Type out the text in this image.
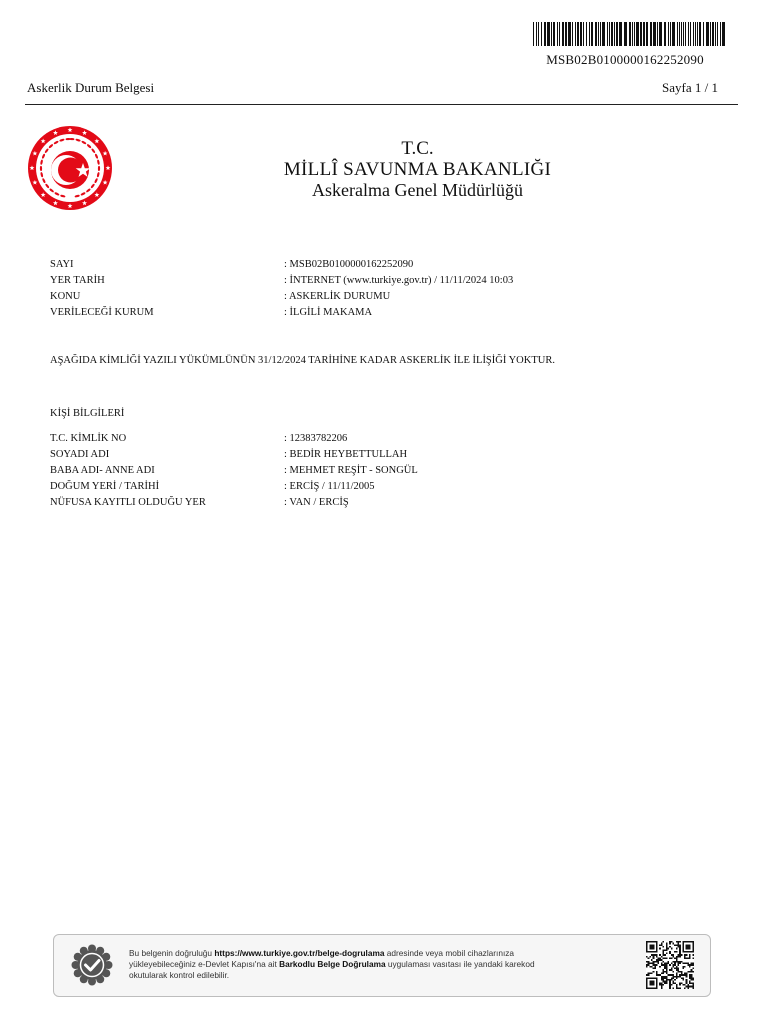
MSB02B0100000162252090
Askerlik Durum Belgesi	Sayfa 1 / 1
T.C.
MİLLÎ SAVUNMA BAKANLIĞI
Askeralma Genel Müdürlüğü
SAYI	: MSB02B0100000162252090
YER TARİH	: İNTERNET (www.turkiye.gov.tr) / 11/11/2024 10:03
KONU	: ASKERLİK DURUMU
VERİLECEĞİ KURUM	: İLGİLİ MAKAMA
AŞAĞIDA KİMLİĞİ YAZILI YÜKÜMLÜNÜN 31/12/2024 TARİHİNE KADAR ASKERLİK İLE İLİŞİĞİ YOKTUR.
KİŞİ BİLGİLERİ
T.C. KİMLİK NO	: 12383782206
SOYADI ADI	: BEDİR HEYBETTULLAH
BABA ADI- ANNE ADI	: MEHMET REŞİT - SONGÜL
DOĞUM YERİ / TARİHİ	: ERCİŞ / 11/11/2005
NÜFUSA KAYITLI OLDUĞU YER	: VAN / ERCİŞ
Bu belgenin doğruluğu https://www.turkiye.gov.tr/belge-dogrulama adresinde veya mobil cihazlarınıza yükleyebileceğiniz e-Devlet Kapısı'na ait Barkodlu Belge Doğrulama uygulaması vasıtası ile yandaki karekod okutularak kontrol edilebilir.
